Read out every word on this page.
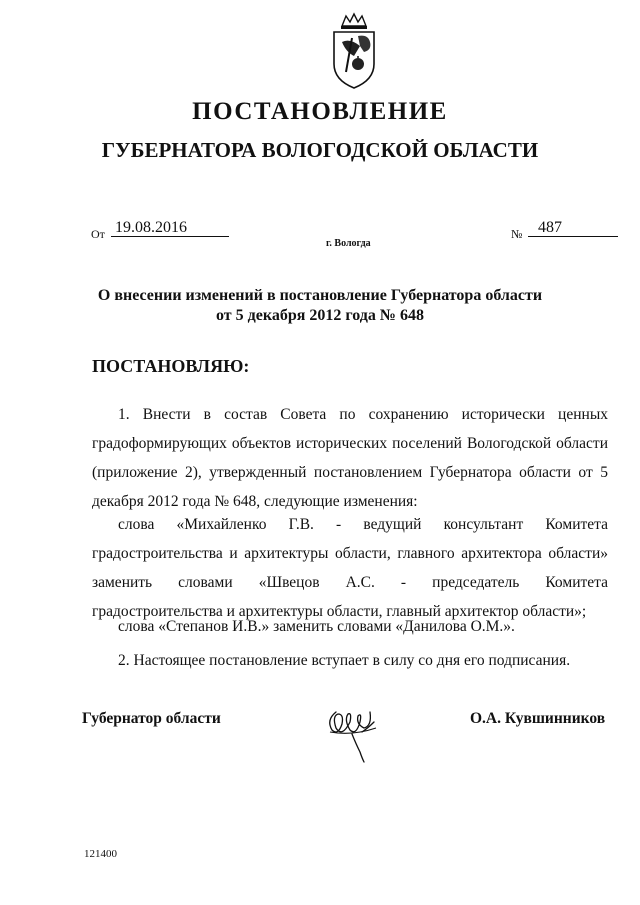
ПОСТАНОВЛЕНИЕ
ГУБЕРНАТОРА ВОЛОГОДСКОЙ ОБЛАСТИ
От 19.08.2016	№ 487
г. Вологда
О внесении изменений в постановление Губернатора области
от 5 декабря 2012 года № 648
ПОСТАНОВЛЯЮ:
1. Внести в состав Совета по сохранению исторически ценных градоформирующих объектов исторических поселений Вологодской области (приложение 2), утвержденный постановлением Губернатора области от 5 декабря 2012 года № 648, следующие изменения:
слова «Михайленко Г.В. - ведущий консультант Комитета градостроительства и архитектуры области, главного архитектора области» заменить словами «Швецов А.С. - председатель Комитета градостроительства и архитектуры области, главный архитектор области»;
слова «Степанов И.В.» заменить словами «Данилова О.М.».
2. Настоящее постановление вступает в силу со дня его подписания.
Губернатор области	О.А. Кувшинников
121400
